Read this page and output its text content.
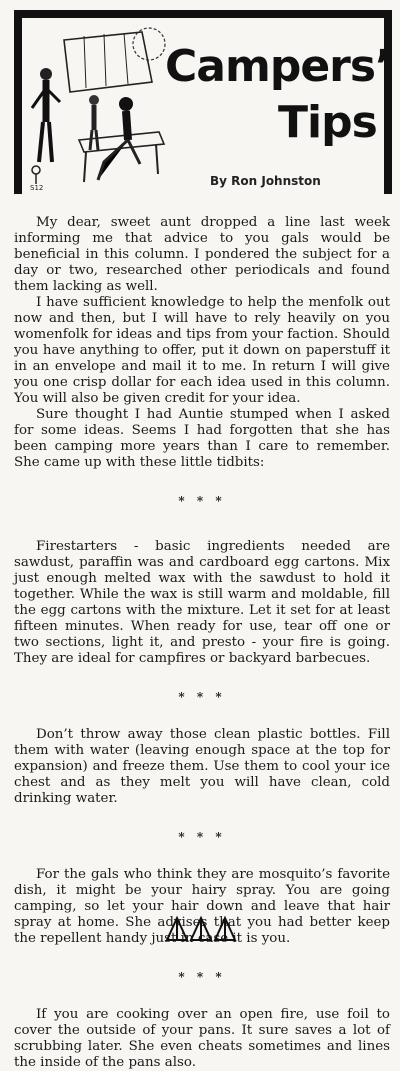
S12
Campers’
Tips
By Ron Johnston

My dear, sweet aunt dropped a line last week informing me that advice to you gals would be beneficial in this column. I pondered the subject for a day or two, researched other periodicals and found them lacking as well.

I have sufficient knowledge to help the menfolk out now and then, but I will have to rely heavily on you womenfolk for ideas and tips from your faction. Should you have anything to offer, put it down on paperstuff it in an envelope and mail it to me. In return I will give you one crisp dollar for each idea used in this column. You will also be given credit for your idea.

Sure thought I had Auntie stumped when I asked for some ideas. Seems I had forgotten that she has been camping more years than I care to remember. She came up with these little tidbits:

* * *

Firestarters - basic ingredients needed are sawdust, paraffin was and cardboard egg cartons. Mix just enough melted wax with the sawdust to hold it together. While the wax is still warm and moldable, fill the egg cartons with the mixture. Let it set for at least fifteen minutes. When ready for use, tear off one or two sections, light it, and presto - your fire is going. They are ideal for campfires or backyard barbecues.

* * *

Don’t throw away those clean plastic bottles. Fill them with water (leaving enough space at the top for expansion) and freeze them. Use them to cool your ice chest and as they melt you will have clean, cold drinking water.

* * *

For the gals who think they are mosquito’s favorite dish, it might be your hairy spray. You are going camping, so let your hair down and leave that hair spray at home. She advises that you had better keep the repellent handy just in case it is you.

* * *

If you are cooking over an open fire, use foil to cover the outside of your pans. It sure saves a lot of scrubbing later. She even cheats sometimes and lines the inside of the pans also.
